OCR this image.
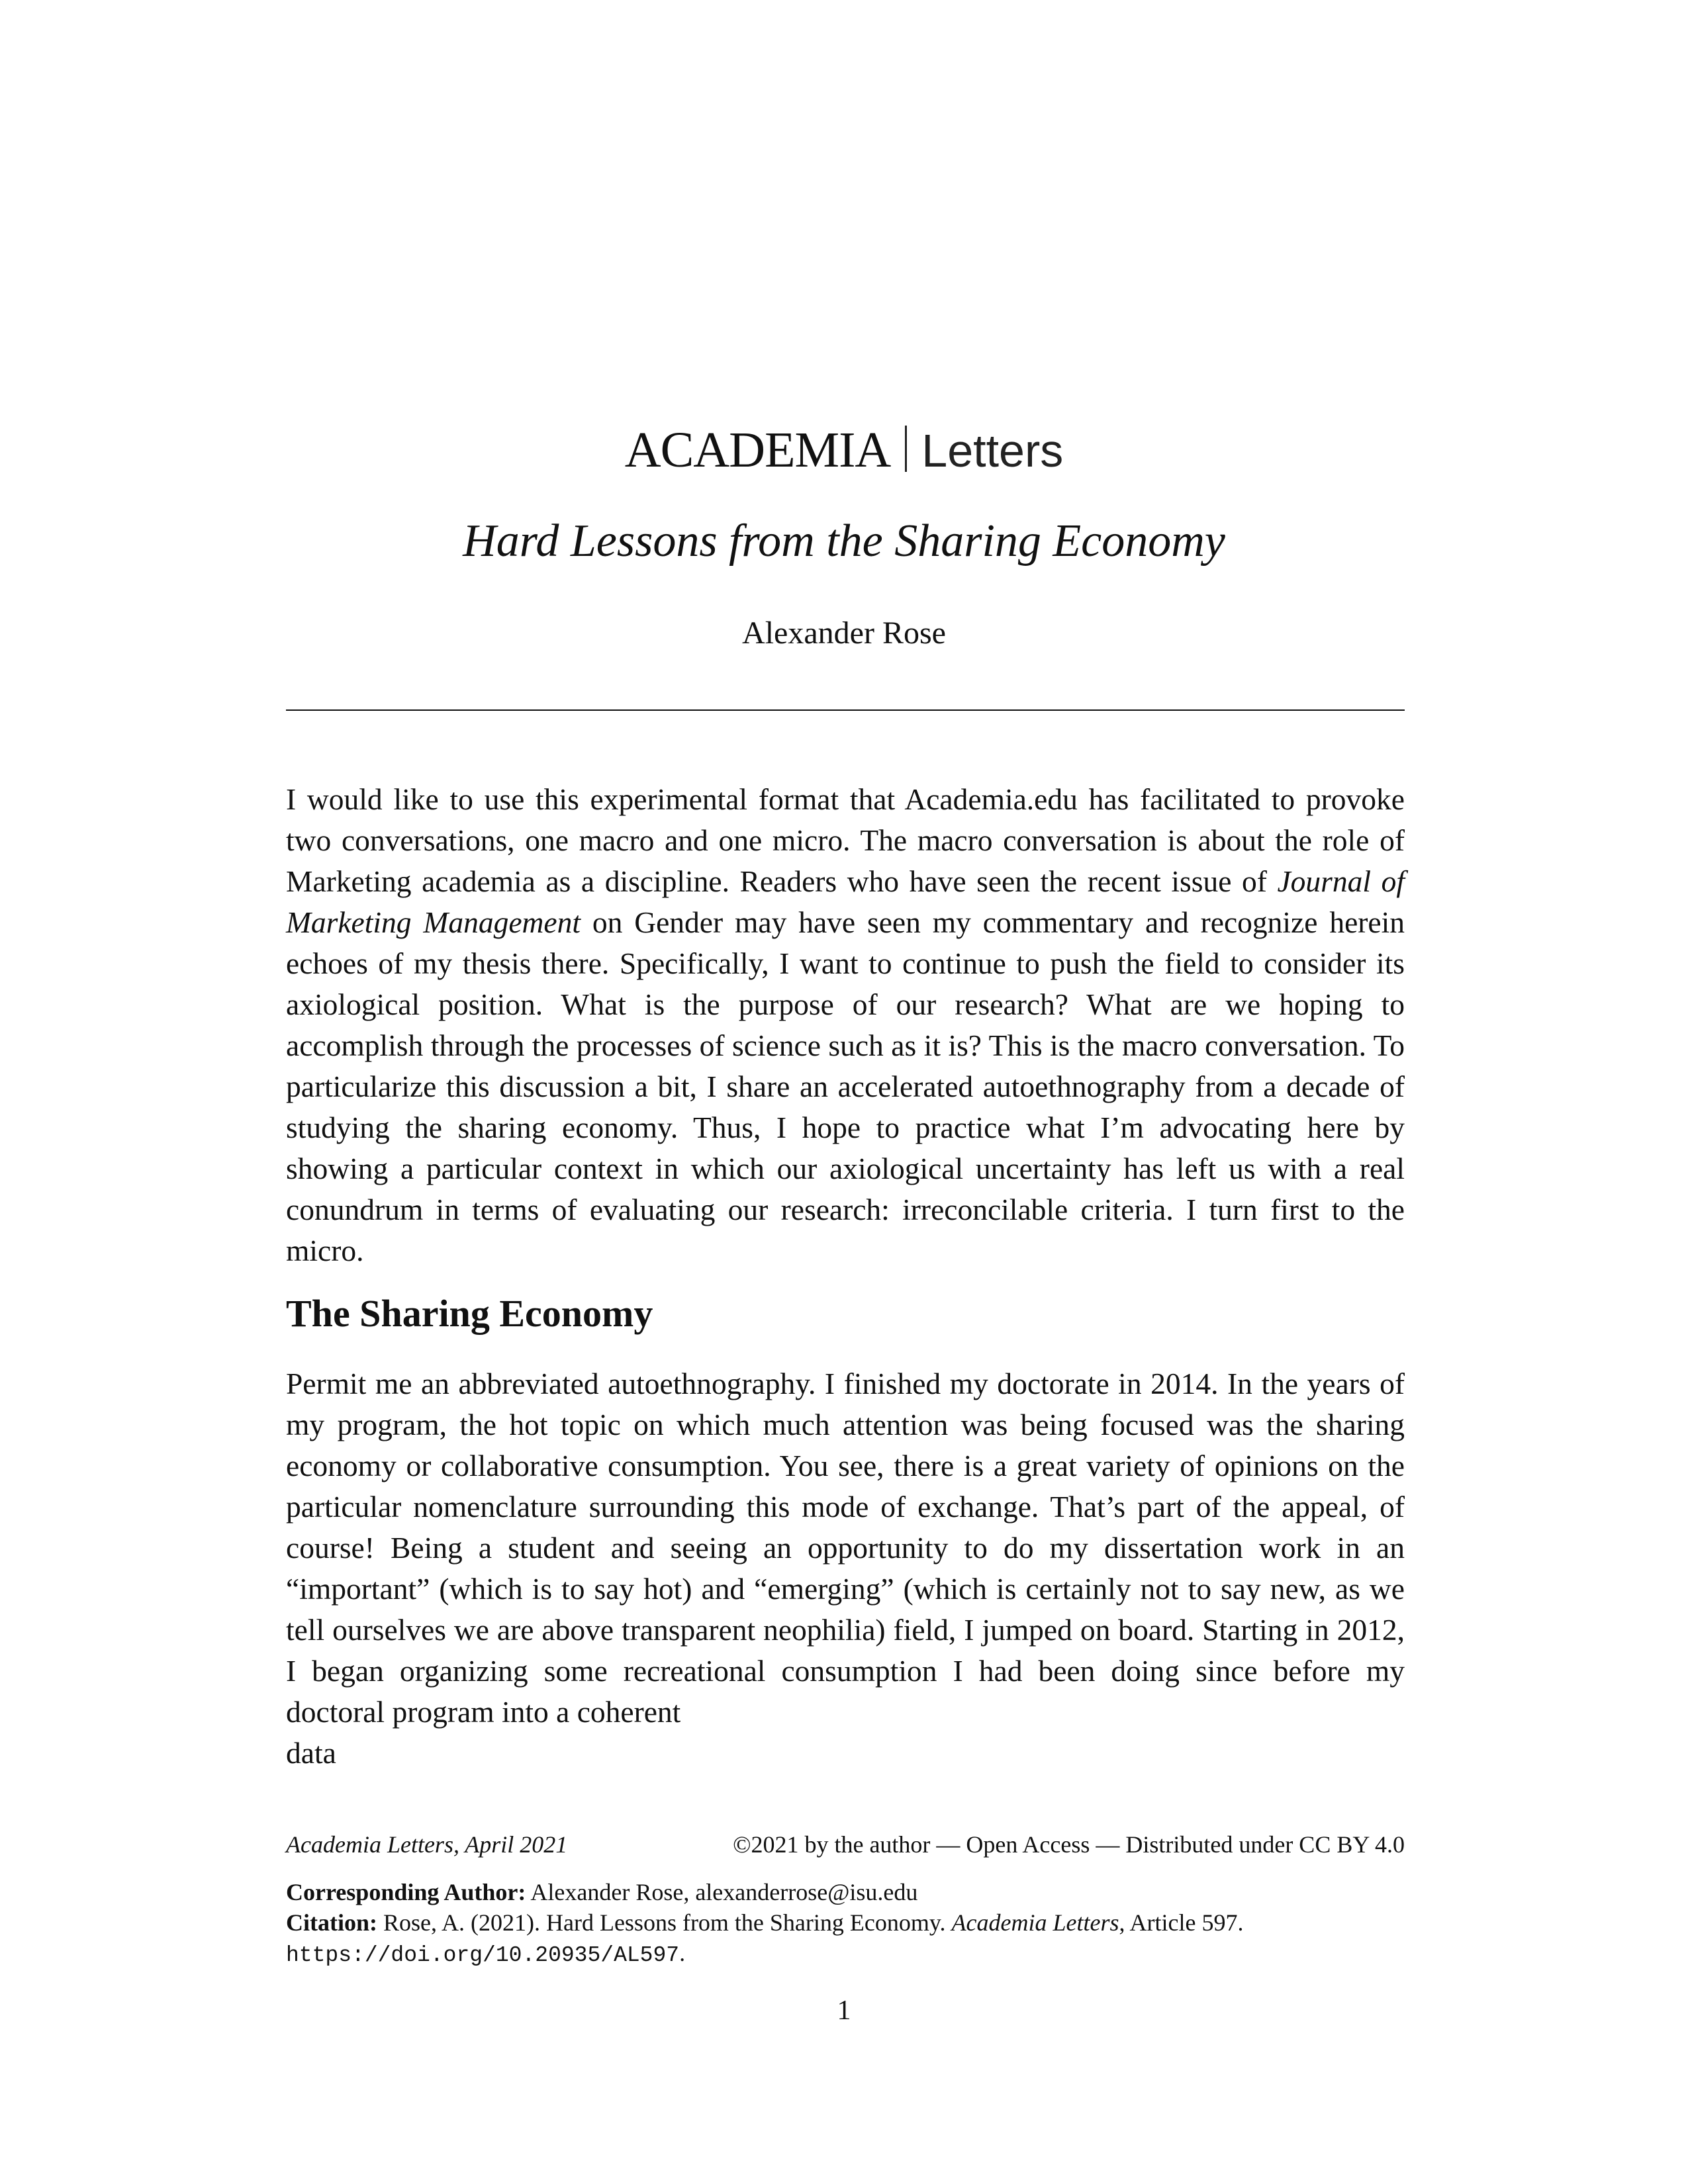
ACADEMIA Letters
Hard Lessons from the Sharing Economy
Alexander Rose

I would like to use this experimental format that Academia.edu has facilitated to provoke two conversations, one macro and one micro. The macro conversation is about the role of Marketing academia as a discipline. Readers who have seen the recent issue of Journal of Marketing Management on Gender may have seen my commentary and recognize herein echoes of my thesis there. Specifically, I want to continue to push the field to consider its axiological position. What is the purpose of our research? What are we hoping to accomplish through the processes of science such as it is? This is the macro conversation. To particularize this discussion a bit, I share an accelerated autoethnography from a decade of studying the sharing economy. Thus, I hope to practice what I’m advocating here by showing a particular context in which our axiological uncertainty has left us with a real conundrum in terms of evaluating our research: irreconcilable criteria. I turn first to the micro.

The Sharing Economy

Permit me an abbreviated autoethnography. I finished my doctorate in 2014. In the years of my program, the hot topic on which much attention was being focused was the sharing economy or collaborative consumption. You see, there is a great variety of opinions on the particular nomenclature surrounding this mode of exchange. That’s part of the appeal, of course! Being a student and seeing an opportunity to do my dissertation work in an “important” (which is to say hot) and “emerging” (which is certainly not to say new, as we tell ourselves we are above transparent neophilia) field, I jumped on board. Starting in 2012, I began organizing some recreational consumption I had been doing since before my doctoral program into a coherent
data

Academia Letters, April 2021	©2021 by the author — Open Access — Distributed under CC BY 4.0
Corresponding Author: Alexander Rose, alexanderrose@isu.edu
Citation: Rose, A. (2021). Hard Lessons from the Sharing Economy. Academia Letters, Article 597.
https://doi.org/10.20935/AL597.
1
